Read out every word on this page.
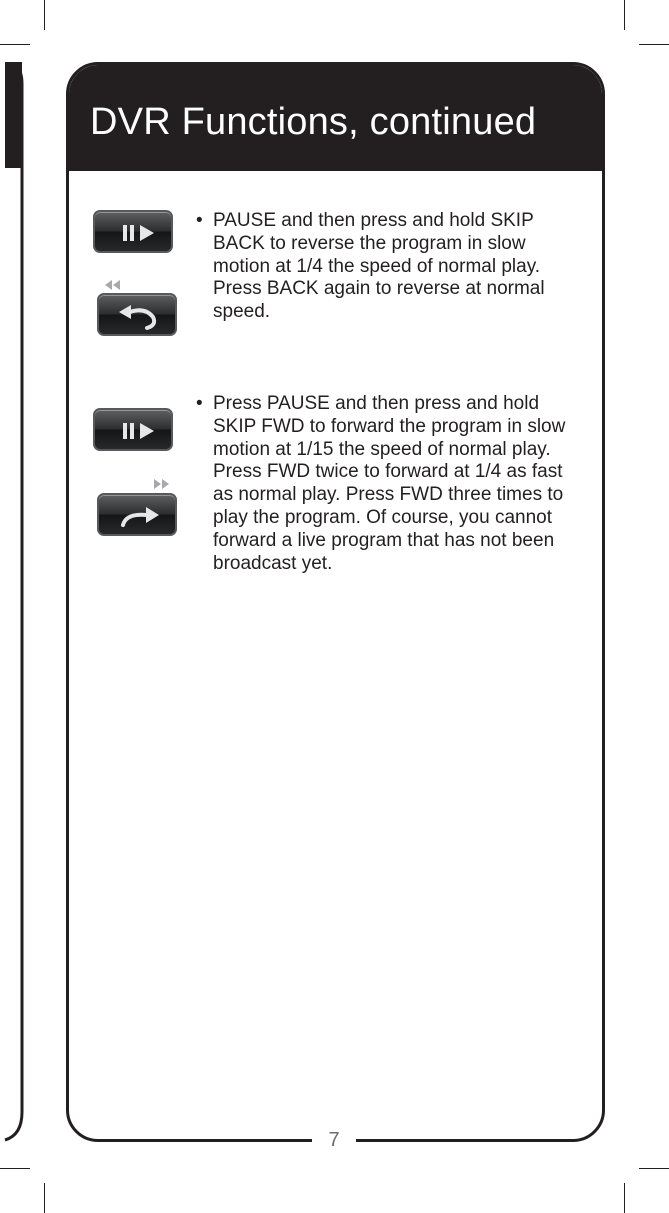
DVR Functions, continued
7
• PAUSE and then press and hold SKIP BACK to reverse the program in slow motion at 1/4 the speed of normal play. Press BACK again to reverse at normal speed.

• Press PAUSE and then press and hold SKIP FWD to forward the program in slow motion at 1/15 the speed of normal play. Press FWD twice to forward at 1/4 as fast as normal play. Press FWD three times to play the program. Of course, you cannot forward a live program that has not been broadcast yet.
